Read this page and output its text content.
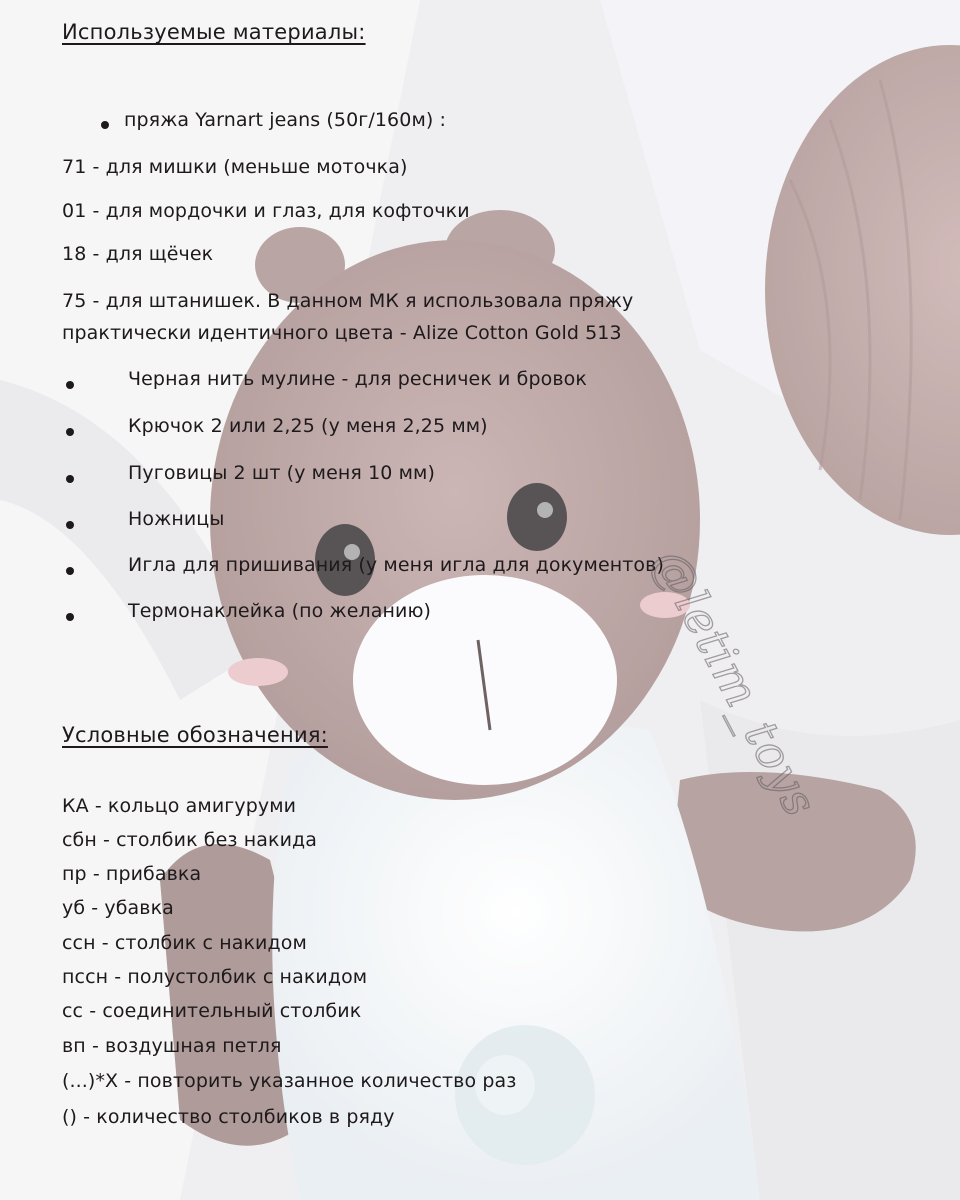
Используемые материалы:
пряжа Yarnart jeans (50г/160м) :
71 - для мишки (меньше моточка)
01 - для мордочки и глаз, для кофточки
18 - для щёчек
75 - для штанишек. В данном МК я использовала пряжу
практически идентичного цвета - Alize Cotton Gold 513
Черная нить мулине - для ресничек и бровок
Крючок 2 или 2,25 (у меня 2,25 мм)
Пуговицы 2 шт (у меня 10 мм)
Ножницы
Игла для пришивания (у меня игла для документов)
Термонаклейка (по желанию)
Условные обозначения:
КА - кольцо амигуруми
сбн - столбик без накида
пр - прибавка
уб - убавка
ссн - столбик с накидом
пссн - полустолбик с накидом
сс - соединительный столбик
вп - воздушная петля
(...)*Х - повторить указанное количество раз
() - количество столбиков в ряду
@letim_toys
